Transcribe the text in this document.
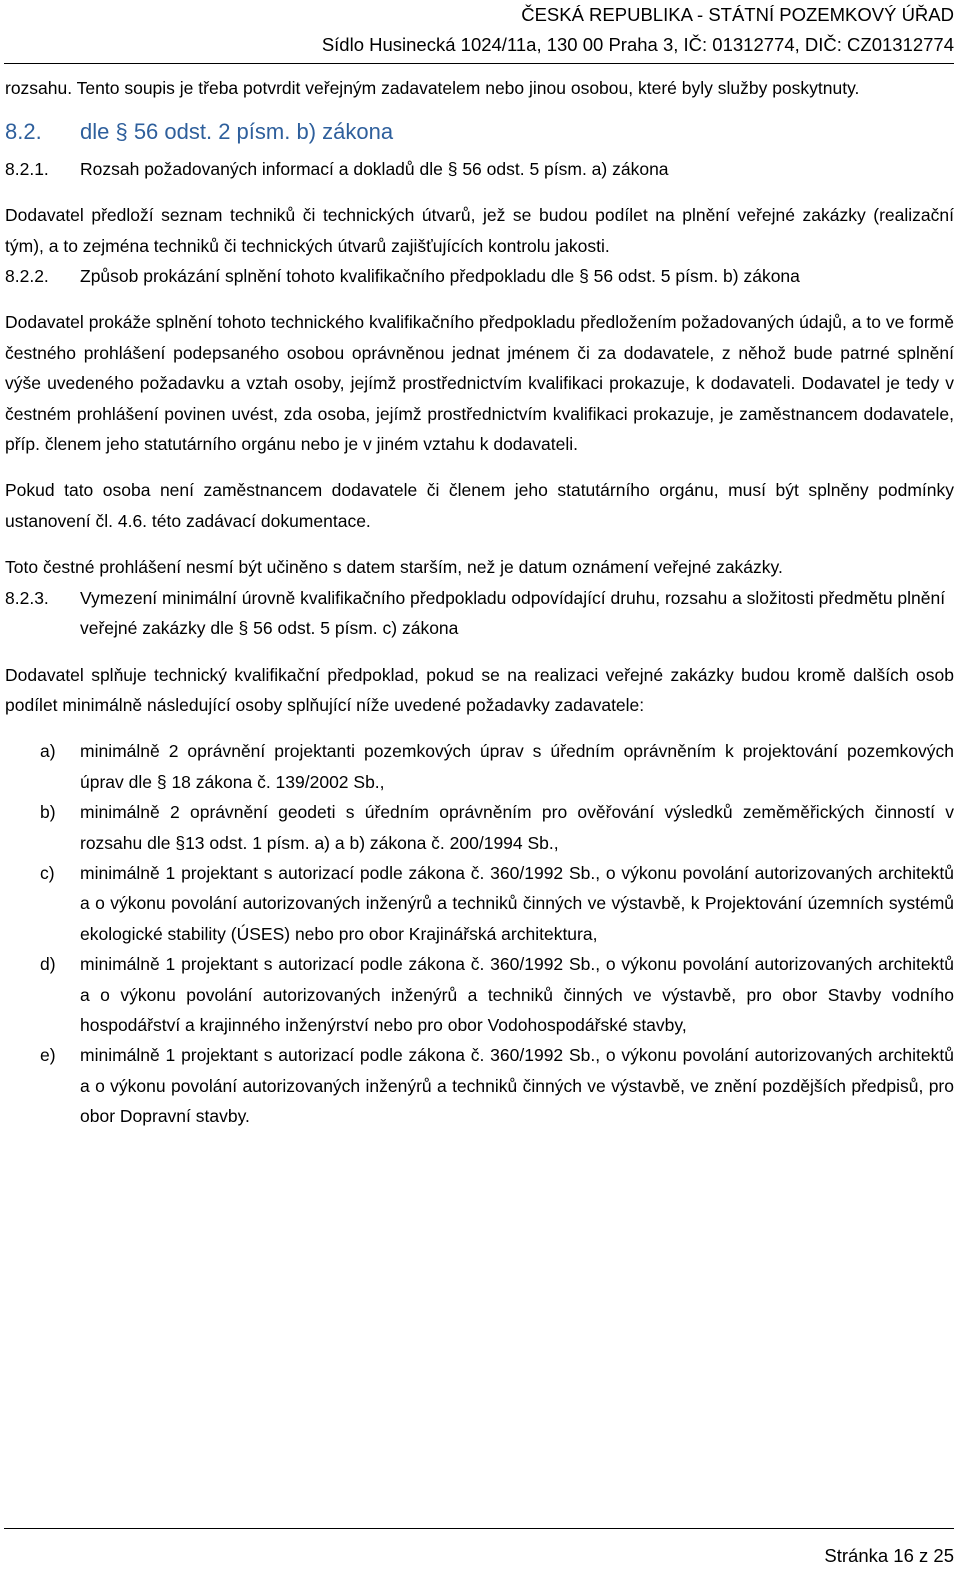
ČESKÁ REPUBLIKA - STÁTNÍ POZEMKOVÝ ÚŘAD
Sídlo Husinecká 1024/11a, 130 00 Praha 3, IČ: 01312774, DIČ: CZ01312774

rozsahu. Tento soupis je třeba potvrdit veřejným zadavatelem nebo jinou osobou, které byly služby poskytnuty.

8.2.	dle § 56 odst. 2 písm. b) zákona
8.2.1.	Rozsah požadovaných informací a dokladů dle § 56 odst. 5 písm. a) zákona

Dodavatel předloží seznam techniků či technických útvarů, jež se budou podílet na plnění veřejné zakázky (realizační tým), a to zejména techniků či technických útvarů zajišťujících kontrolu jakosti.

8.2.2.	Způsob prokázání splnění tohoto kvalifikačního předpokladu dle § 56 odst. 5 písm. b) zákona

Dodavatel prokáže splnění tohoto technického kvalifikačního předpokladu předložením požadovaných údajů, a to ve formě čestného prohlášení podepsaného osobou oprávněnou jednat jménem či za dodavatele, z něhož bude patrné splnění výše uvedeného požadavku a vztah osoby, jejímž prostřednictvím kvalifikaci prokazuje, k dodavateli. Dodavatel je tedy v čestném prohlášení povinen uvést, zda osoba, jejímž prostřednictvím kvalifikaci prokazuje, je zaměstnancem dodavatele, příp. členem jeho statutárního orgánu nebo je v jiném vztahu k dodavateli.

Pokud tato osoba není zaměstnancem dodavatele či členem jeho statutárního orgánu, musí být splněny podmínky ustanovení čl. 4.6. této zadávací dokumentace.

Toto čestné prohlášení nesmí být učiněno s datem starším, než je datum oznámení veřejné zakázky.

8.2.3.	Vymezení minimální úrovně kvalifikačního předpokladu odpovídající druhu, rozsahu a složitosti předmětu plnění veřejné zakázky dle § 56 odst. 5 písm. c) zákona

Dodavatel splňuje technický kvalifikační předpoklad, pokud se na realizaci veřejné zakázky budou kromě dalších osob podílet minimálně následující osoby splňující níže uvedené požadavky zadavatele:

a)	minimálně 2 oprávnění projektanti pozemkových úprav s úředním oprávněním k projektování pozemkových úprav dle § 18 zákona č. 139/2002 Sb.,
b)	minimálně 2 oprávnění geodeti s úředním oprávněním pro ověřování výsledků zeměměřických činností v rozsahu dle §13 odst. 1 písm. a) a b) zákona č. 200/1994 Sb.,
c)	minimálně 1 projektant s autorizací podle zákona č. 360/1992 Sb., o výkonu povolání autorizovaných architektů a o výkonu povolání autorizovaných inženýrů a techniků činných ve výstavbě, k Projektování územních systémů ekologické stability (ÚSES) nebo pro obor Krajinářská architektura,
d)	minimálně 1 projektant s autorizací podle zákona č. 360/1992 Sb., o výkonu povolání autorizovaných architektů a o výkonu povolání autorizovaných inženýrů a techniků činných ve výstavbě, pro obor Stavby vodního hospodářství a krajinného inženýrství nebo pro obor Vodohospodářské stavby,
e)	minimálně 1 projektant s autorizací podle zákona č. 360/1992 Sb., o výkonu povolání autorizovaných architektů a o výkonu povolání autorizovaných inženýrů a techniků činných ve výstavbě, ve znění pozdějších předpisů, pro obor Dopravní stavby.
Stránka 16 z 25
